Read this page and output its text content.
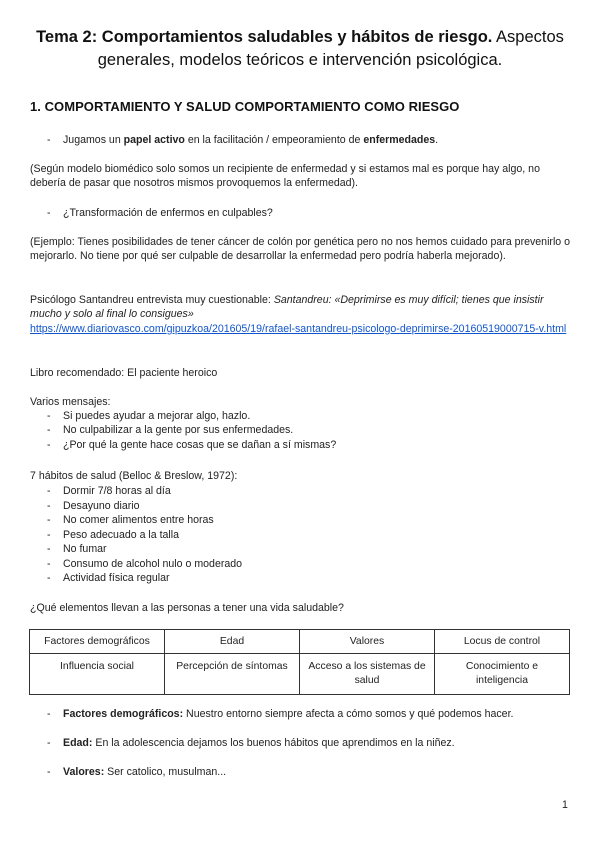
Tema 2: Comportamientos saludables y hábitos de riesgo. Aspectos generales, modelos teóricos e intervención psicológica.
1. COMPORTAMIENTO Y SALUD COMPORTAMIENTO COMO RIESGO
- Jugamos un papel activo en la facilitación / empeoramiento de enfermedades.
(Según modelo biomédico solo somos un recipiente de enfermedad y si estamos mal es porque hay algo, no debería de pasar que nosotros mismos provoquemos la enfermedad).
- ¿Transformación de enfermos en culpables?
(Ejemplo: Tienes posibilidades de tener cáncer de colón por genética pero no nos hemos cuidado para prevenirlo o mejorarlo. No tiene por qué ser culpable de desarrollar la enfermedad pero podría haberla mejorado).
Psicólogo Santandreu entrevista muy cuestionable: Santandreu: «Deprimirse es muy difícil; tienes que insistir mucho y solo al final lo consigues»
https://www.diariovasco.com/gipuzkoa/201605/19/rafael-santandreu-psicologo-deprimirse-20160519000715-v.html
Libro recomendado: El paciente heroico
Varios mensajes:
- Si puedes ayudar a mejorar algo, hazlo.
- No culpabilizar a la gente por sus enfermedades.
- ¿Por qué la gente hace cosas que se dañan a sí mismas?
7 hábitos de salud (Belloc & Breslow, 1972):
- Dormir 7/8 horas al día
- Desayuno diario
- No comer alimentos entre horas
- Peso adecuado a la talla
- No fumar
- Consumo de alcohol nulo o moderado
- Actividad física regular
¿Qué elementos llevan a las personas a tener una vida saludable?
Factores demográficos	Edad	Valores	Locus de control
Influencia social	Percepción de síntomas	Acceso a los sistemas de salud	Conocimiento e inteligencia
- Factores demográficos: Nuestro entorno siempre afecta a cómo somos y qué podemos hacer.
- Edad: En la adolescencia dejamos los buenos hábitos que aprendimos en la niñez.
- Valores: Ser catolico, musulman...
1
